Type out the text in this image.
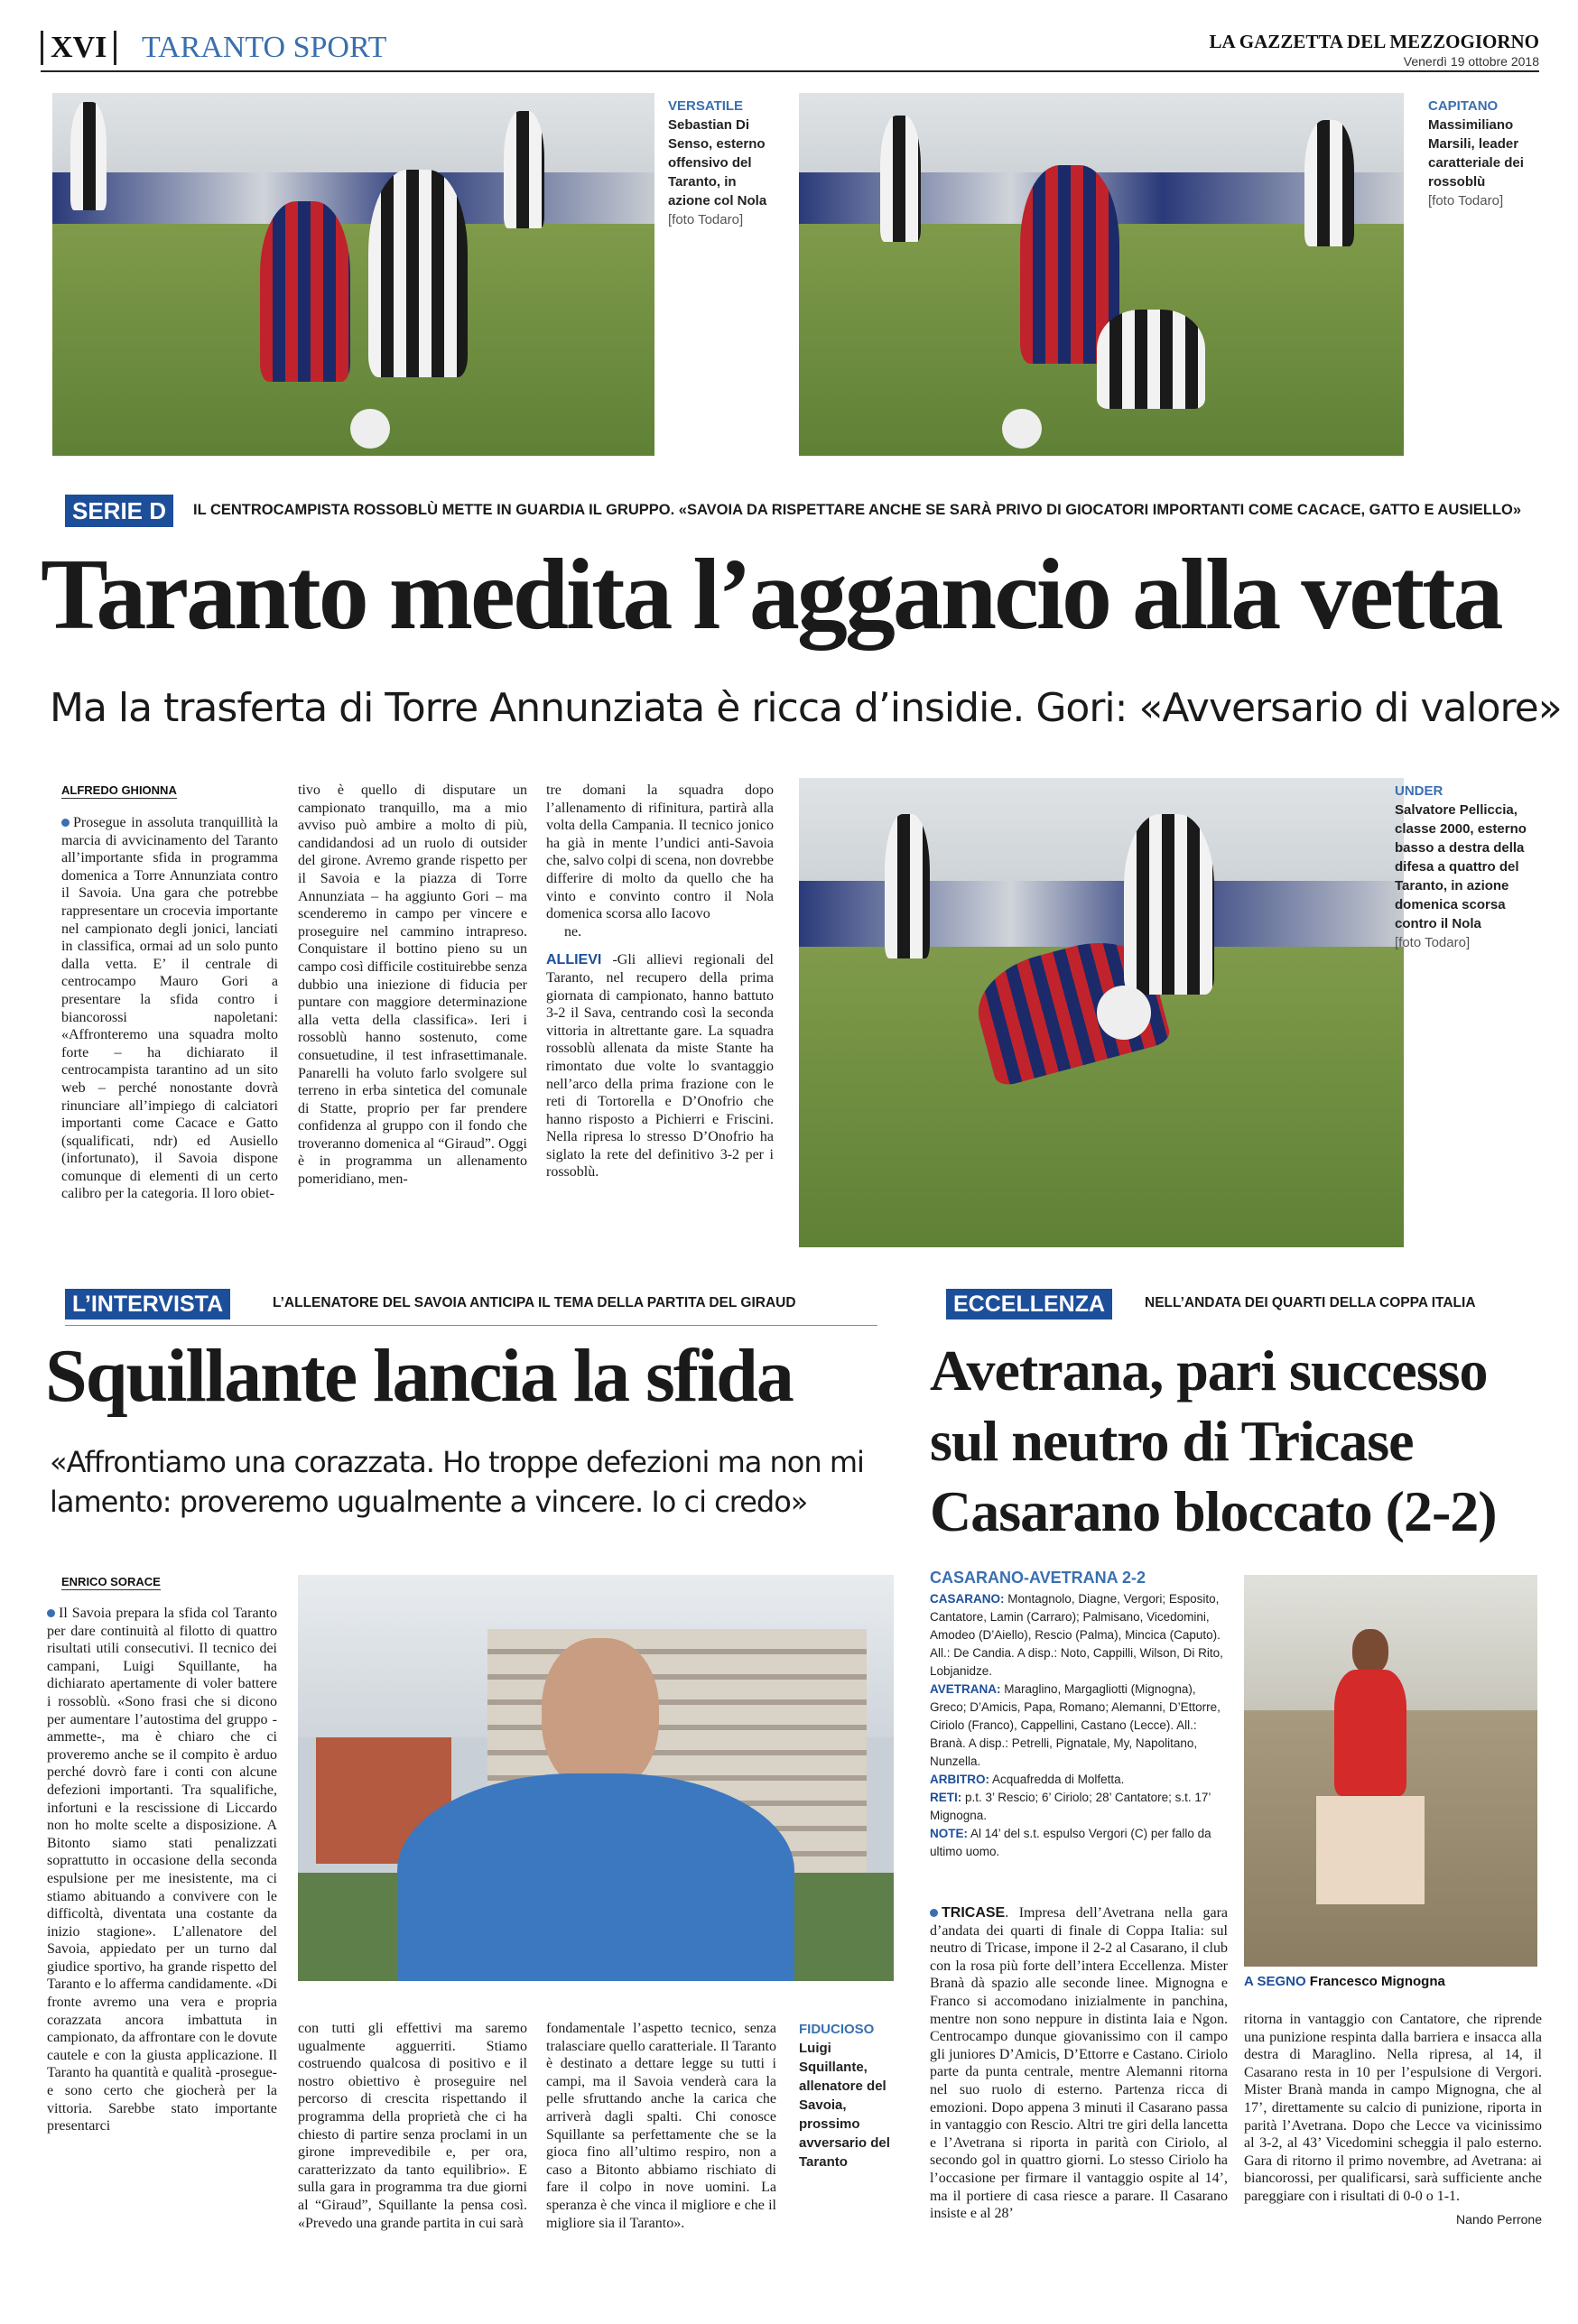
XVI	TARANTO SPORT	LA GAZZETTA DEL MEZZOGIORNO
Venerdì 19 ottobre 2018
VERSATILE
Sebastian Di Senso, esterno offensivo del Taranto, in azione col Nola
[foto Todaro]
CAPITANO
Massimiliano Marsili, leader caratteriale dei rossoblù
[foto Todaro]
SERIE D	IL CENTROCAMPISTA ROSSOBLÙ METTE IN GUARDIA IL GRUPPO. «SAVOIA DA RISPETTARE ANCHE SE SARÀ PRIVO DI GIOCATORI IMPORTANTI COME CACACE, GATTO E AUSIELLO»
Taranto medita l’aggancio alla vetta
Ma la trasferta di Torre Annunziata è ricca d’insidie. Gori: «Avversario di valore»
ALFREDO GHIONNA
Prosegue in assoluta tranquillità la marcia di avvicinamento del Taranto all’importante sfida in programma domenica a Torre Annunziata contro il Savoia. Una gara che potrebbe rappresentare un crocevia importante nel campionato degli jonici, lanciati in classifica, ormai ad un solo punto dalla vetta. E’ il centrale di centrocampo Mauro Gori a presentare la sfida contro i biancorossi napoletani: «Affronteremo una squadra molto forte – ha dichiarato il centrocampista tarantino ad un sito web – perché nonostante dovrà rinunciare all’impiego di calciatori importanti come Cacace e Gatto (squalificati, ndr) ed Ausiello (infortunato), il Savoia dispone comunque di elementi di un certo calibro per la categoria. Il loro obiet-
tivo è quello di disputare un campionato tranquillo, ma a mio avviso può ambire a molto di più, candidandosi ad un ruolo di outsider del girone. Avremo grande rispetto per il Savoia e la piazza di Torre Annunziata – ha aggiunto Gori – ma scenderemo in campo per vincere e proseguire nel cammino intrapreso. Conquistare il bottino pieno su un campo così difficile costituirebbe senza dubbio una iniezione di fiducia per puntare con maggiore determinazione alla vetta della classifica». Ieri i rossoblù hanno sostenuto, come consuetudine, il test infrasettimanale. Panarelli ha voluto farlo svolgere sul terreno in erba sintetica del comunale di Statte, proprio per far prendere confidenza al gruppo con il fondo che troveranno domenica al “Giraud”. Oggi è in programma un allenamento pomeridiano, men-
tre domani la squadra dopo l’allenamento di rifinitura, partirà alla volta della Campania. Il tecnico jonico ha già in mente l’undici anti-Savoia che, salvo colpi di scena, non dovrebbe differire di molto da quello che ha vinto e convinto contro il Nola domenica scorsa allo Iacovo
ne.
ALLIEVI -Gli allievi regionali del Taranto, nel recupero della prima giornata di campionato, hanno battuto 3-2 il Sava, centrando così la seconda vittoria in altrettante gare. La squadra rossoblù allenata da miste Stante ha rimontato due volte lo svantaggio nell’arco della prima frazione con le reti di Tortorella e D’Onofrio che hanno risposto a Pichierri e Friscini. Nella ripresa lo stresso D’Onofrio ha siglato la rete del definitivo 3-2 per i rossoblù.
UNDER
Salvatore Pelliccia, classe 2000, esterno basso a destra della difesa a quattro del Taranto, in azione domenica scorsa contro il Nola
[foto Todaro]
L’INTERVISTA	L’ALLENATORE DEL SAVOIA ANTICIPA IL TEMA DELLA PARTITA DEL GIRAUD
Squillante lancia la sfida
«Affrontiamo una corazzata. Ho troppe defezioni ma non mi lamento: proveremo ugualmente a vincere. Io ci credo»
ENRICO SORACE
Il Savoia prepara la sfida col Taranto per dare continuità al filotto di quattro risultati utili consecutivi. Il tecnico dei campani, Luigi Squillante, ha dichiarato apertamente di voler battere i rossoblù. «Sono frasi che si dicono per aumentare l’autostima del gruppo -ammette-, ma è chiaro che ci proveremo anche se il compito è arduo perché dovrò fare i conti con alcune defezioni importanti. Tra squalifiche, infortuni e la rescissione di Liccardo non ho molte scelte a disposizione. A Bitonto siamo stati penalizzati soprattutto in occasione della seconda espulsione per me inesistente, ma ci stiamo abituando a convivere con le difficoltà, diventata una costante da inizio stagione». L’allenatore del Savoia, appiedato per un turno dal giudice sportivo, ha grande rispetto del Taranto e lo afferma candidamente. «Di fronte avremo una vera e propria corazzata ancora imbattuta in campionato, da affrontare con le dovute cautele e con la giusta applicazione. Il Taranto ha quantità e qualità -prosegue- e sono certo che giocherà per la vittoria. Sarebbe stato importante presentarci
con tutti gli effettivi ma saremo ugualmente agguerriti. Stiamo costruendo qualcosa di positivo e il nostro obiettivo è proseguire nel percorso di crescita rispettando il programma della proprietà che ci ha chiesto di partire senza proclami in un girone imprevedibile e, per ora, caratterizzato da tanto equilibrio». E sulla gara in programma tra due giorni al “Giraud”, Squillante la pensa così. «Prevedo una grande partita in cui sarà
fondamentale l’aspetto tecnico, senza tralasciare quello caratteriale. Il Taranto è destinato a dettare legge su tutti i campi, ma il Savoia venderà cara la pelle sfruttando anche la carica che arriverà dagli spalti. Chi conosce Squillante sa perfettamente che se la gioca fino all’ultimo respiro, non a caso a Bitonto abbiamo rischiato di fare il colpo in nove uomini. La speranza è che vinca il migliore e che il migliore sia il Taranto».
FIDUCIOSO
Luigi Squillante, allenatore del Savoia, prossimo avversario del Taranto
ECCELLENZA	NELL’ANDATA DEI QUARTI DELLA COPPA ITALIA
Avetrana, pari successo
sul neutro di Tricase
Casarano bloccato (2-2)
CASARANO-AVETRANA 2-2
CASARANO: Montagnolo, Diagne, Vergori; Esposito, Cantatore, Lamin (Carraro); Palmisano, Vicedomini, Amodeo (D’Aiello), Rescio (Palma), Mincica (Caputo). All.: De Candia. A disp.: Noto, Cappilli, Wilson, Di Rito, Lobjanidze.
AVETRANA: Maraglino, Margagliotti (Mignogna), Greco; D’Amicis, Papa, Romano; Alemanni, D’Ettorre, Ciriolo (Franco), Cappellini, Castano (Lecce). All.: Branà. A disp.: Petrelli, Pignatale, My, Napolitano, Nunzella.
ARBITRO: Acquafredda di Molfetta.
RETI: p.t. 3’ Rescio; 6’ Ciriolo; 28’ Cantatore; s.t. 17’ Mignogna.
NOTE: Al 14’ del s.t. espulso Vergori (C) per fallo da ultimo uomo.
A SEGNO Francesco Mignogna
TRICASE. Impresa dell’Avetrana nella gara d’andata dei quarti di finale di Coppa Italia: sul neutro di Tricase, impone il 2-2 al Casarano, il club con la rosa più forte dell’intera Eccellenza. Mister Branà dà spazio alle seconde linee. Mignogna e Franco si accomodano inizialmente in panchina, mentre non sono neppure in distinta Iaia e Ngon. Centrocampo dunque giovanissimo con il campo gli juniores D’Amicis, D’Ettorre e Castano. Ciriolo parte da punta centrale, mentre Alemanni ritorna nel suo ruolo di esterno. Partenza ricca di emozioni. Dopo appena 3 minuti il Casarano passa in vantaggio con Rescio. Altri tre giri della lancetta e l’Avetrana si riporta in parità con Ciriolo, al secondo gol in quattro giorni. Lo stesso Ciriolo ha l’occasione per firmare il vantaggio ospite al 14’, ma il portiere di casa riesce a parare. Il Casarano insiste e al 28’
ritorna in vantaggio con Cantatore, che riprende una punizione respinta dalla barriera e insacca alla destra di Maraglino. Nella ripresa, al 14, il Casarano resta in 10 per l’espulsione di Vergori. Mister Branà manda in campo Mignogna, che al 17’, direttamente su calcio di punizione, riporta in parità l’Avetrana. Dopo che Lecce va vicinissimo al 3-2, al 43’ Vicedomini scheggia il palo esterno. Gara di ritorno il primo novembre, ad Avetrana: ai biancorossi, per qualificarsi, sarà sufficiente anche pareggiare con i risultati di 0-0 o 1-1.
Nando Perrone
